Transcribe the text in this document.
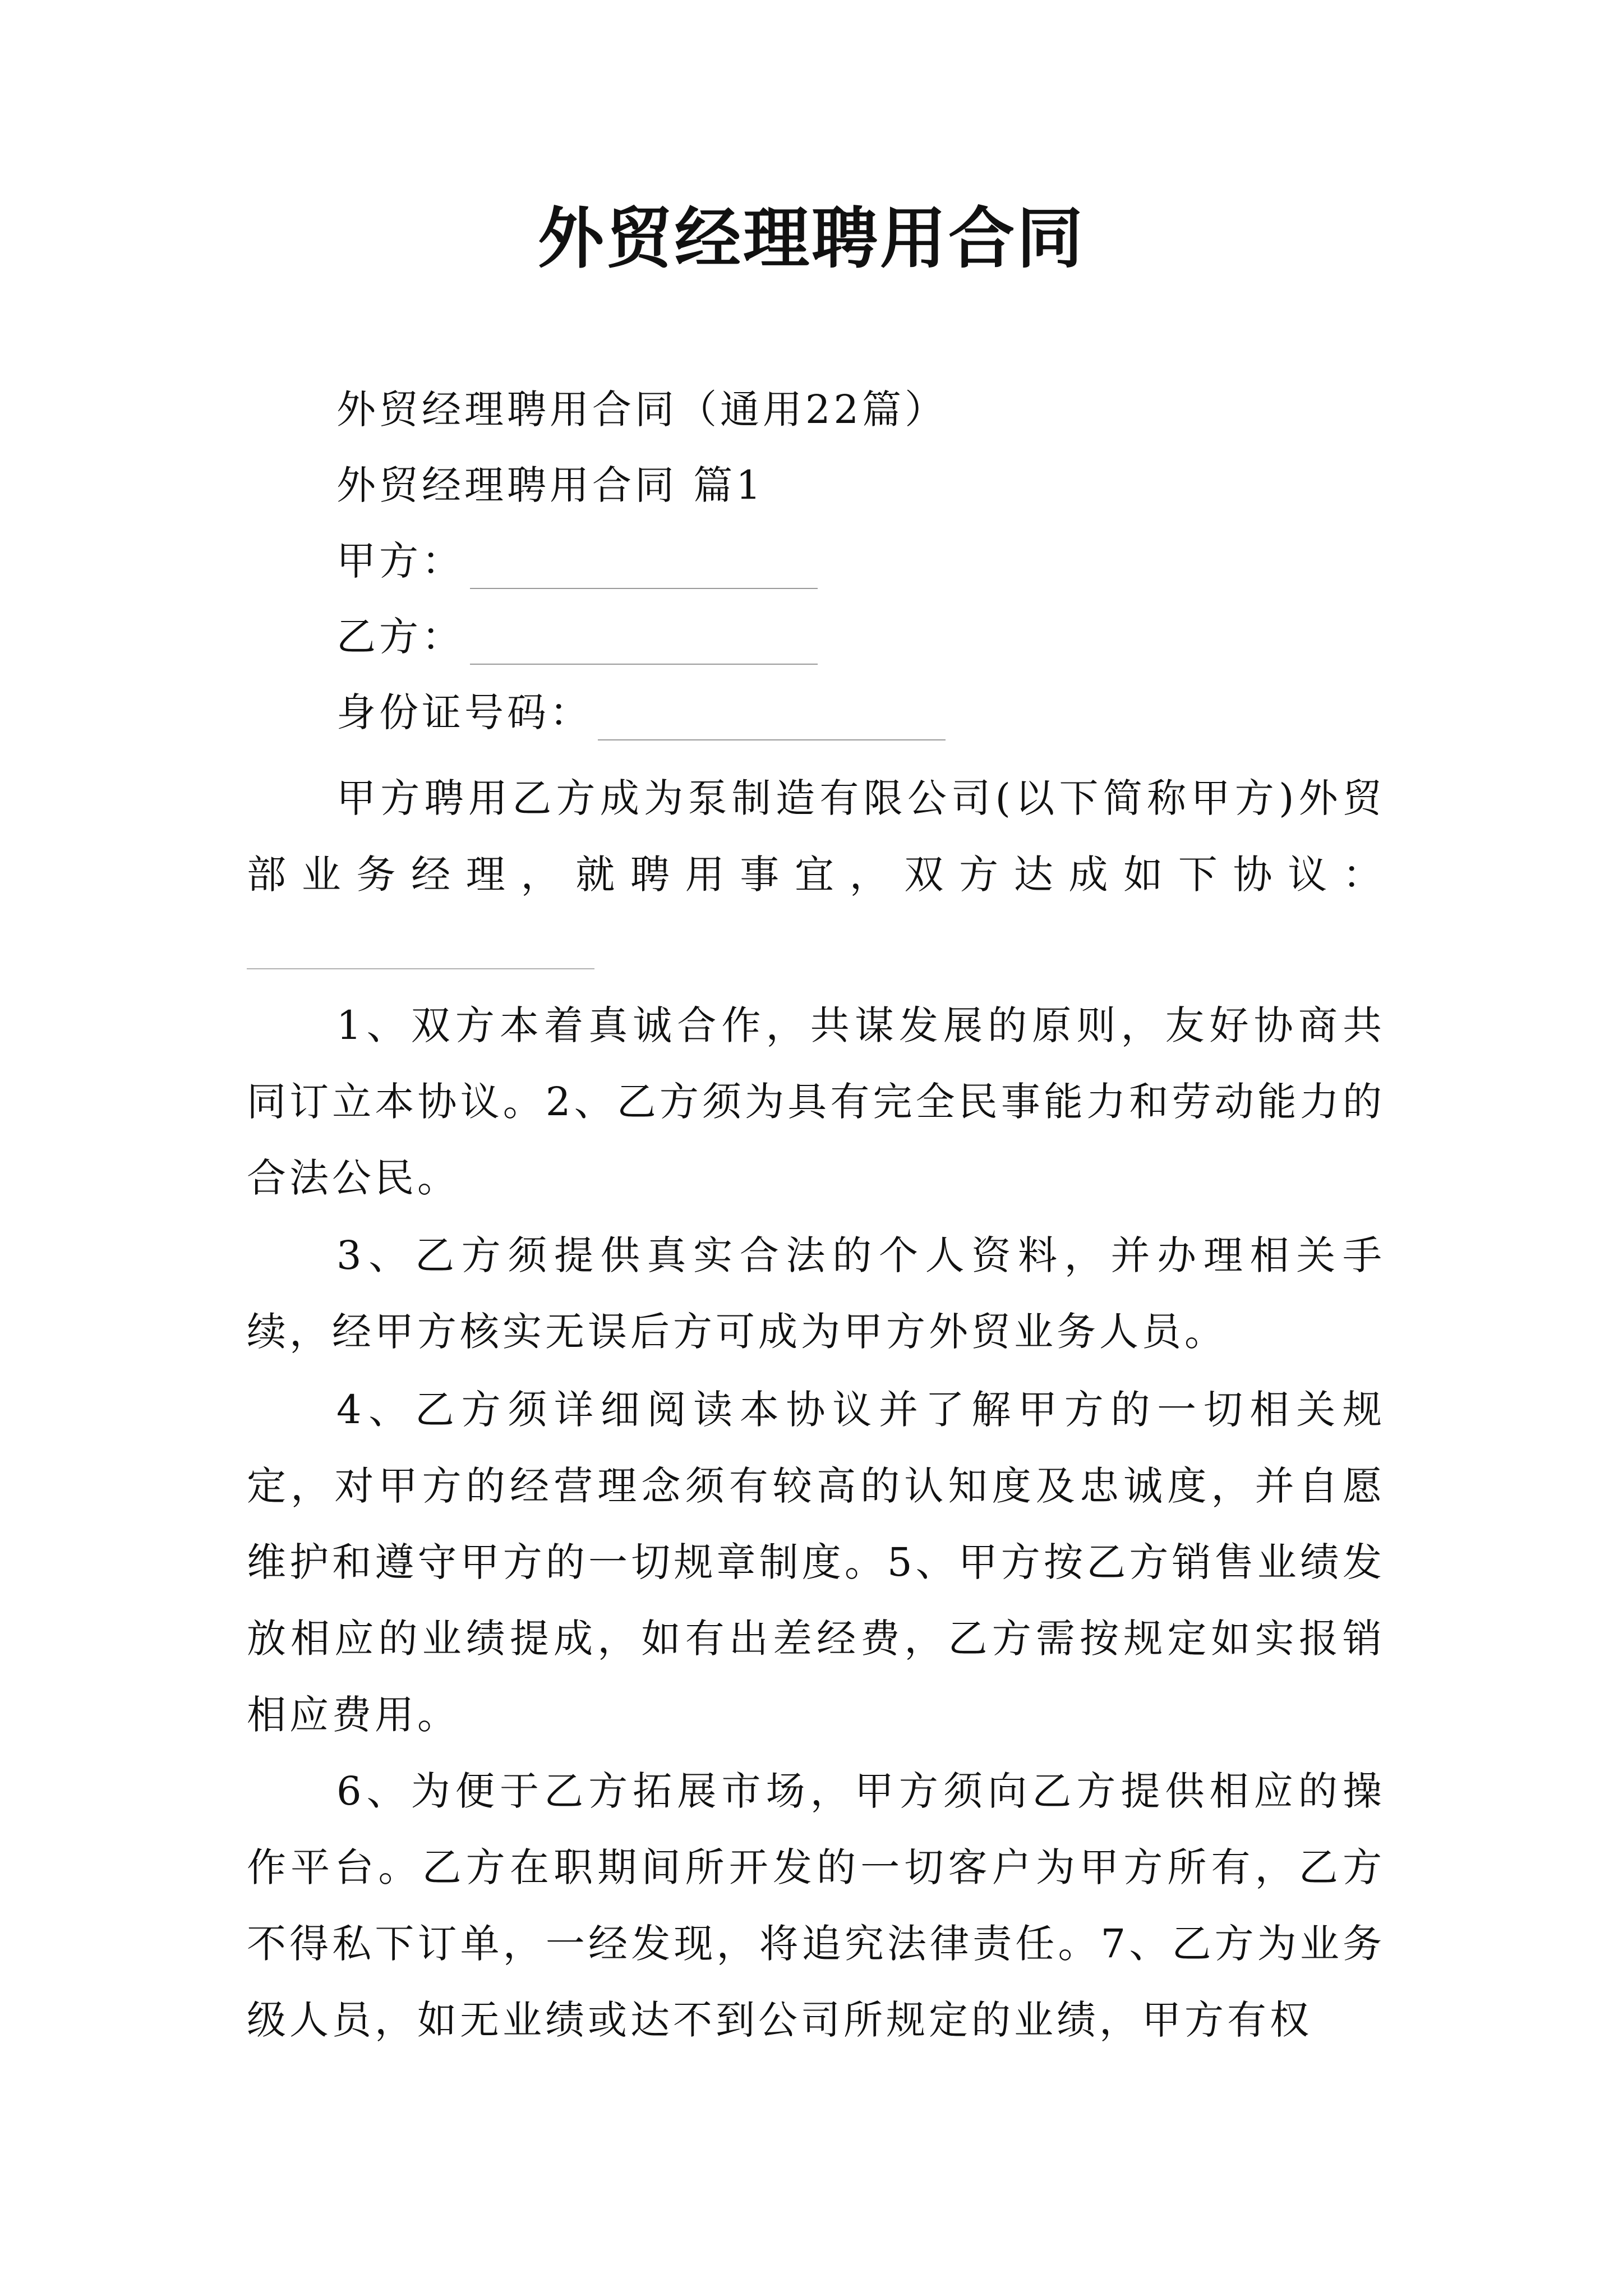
外贸经理聘用合同
外贸经理聘用合同（通用22篇）
外贸经理聘用合同 篇1
甲方：
乙方：
身份证号码：
甲方聘用乙方成为泵制造有限公司(以下简称甲方)外贸部业务经理，就聘用事宜，双方达成如下协议：
1、双方本着真诚合作，共谋发展的原则，友好协商共同订立本协议。2、乙方须为具有完全民事能力和劳动能力的合法公民。
3、乙方须提供真实合法的个人资料，并办理相关手续，经甲方核实无误后方可成为甲方外贸业务人员。
4、乙方须详细阅读本协议并了解甲方的一切相关规定，对甲方的经营理念须有较高的认知度及忠诚度，并自愿维护和遵守甲方的一切规章制度。5、甲方按乙方销售业绩发放相应的业绩提成，如有出差经费，乙方需按规定如实报销相应费用。
6、为便于乙方拓展市场，甲方须向乙方提供相应的操作平台。乙方在职期间所开发的一切客户为甲方所有，乙方不得私下订单，一经发现，将追究法律责任。7、乙方为业务级人员，如无业绩或达不到公司所规定的业绩，甲方有权
